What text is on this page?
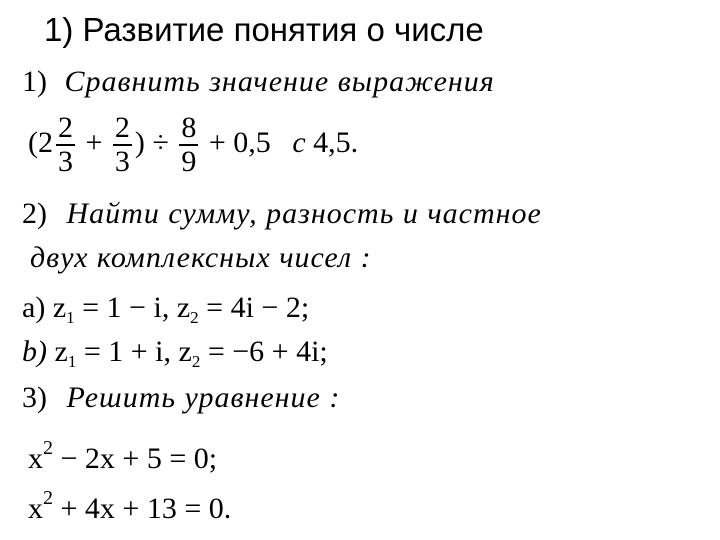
1) Развитие понятия о числе
1) Сравнить значение выражения
($2 \frac{2}{3} + \frac{2}{3}$ ) ÷ $\frac{8}{9} + 0,5$ с 4,5.
2) Найти сумму, разность и частное
двух комплексных чисел :
a) $z_1 = 1 - i$, $z_2 = 4i - 2$;
b) $z_1 = 1 + i$, $z_2 = -6 + 4i$;
3) Решить уравнение :
$x^2 - 2x + 5 = 0$;
$x^2 + 4x + 13 = 0$.
